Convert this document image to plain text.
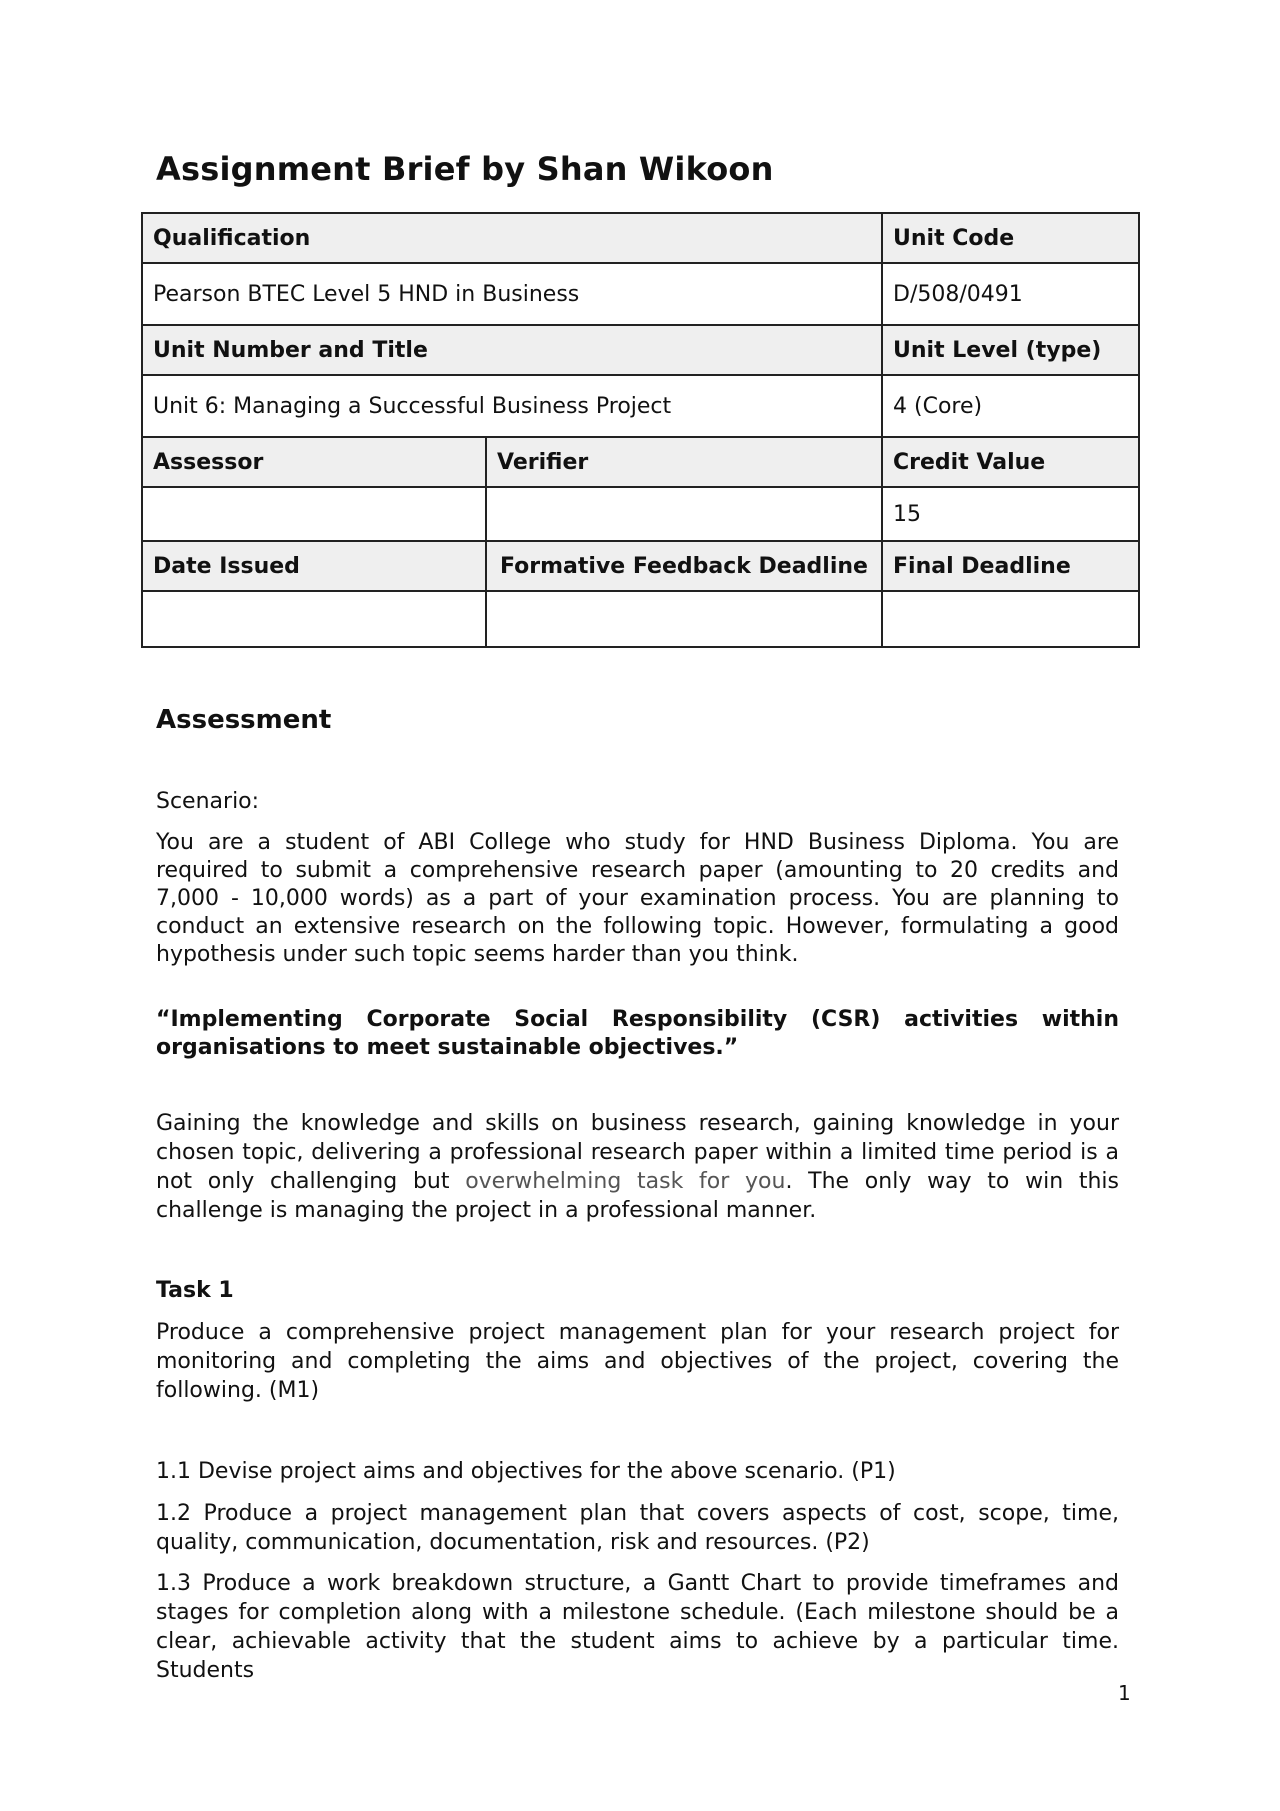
Assignment Brief by Shan Wikoon
Qualification		Unit Code
Pearson BTEC Level 5 HND in Business		D/508/0491
Unit Number and Title		Unit Level (type)
Unit 6: Managing a Successful Business Project		4 (Core)
Assessor	Verifier	Credit Value
		15
Date Issued	Formative Feedback Deadline	Final Deadline

Assessment
Scenario:
You are a student of ABI College who study for HND Business Diploma. You are required to submit a comprehensive research paper (amounting to 20 credits and 7,000 - 10,000 words) as a part of your examination process. You are planning to conduct an extensive research on the following topic. However, formulating a good hypothesis under such topic seems harder than you think.
“Implementing Corporate Social Responsibility (CSR) activities within organisations to meet sustainable objectives.”
Gaining the knowledge and skills on business research, gaining knowledge in your chosen topic, delivering a professional research paper within a limited time period is a not only challenging but overwhelming task for you. The only way to win this challenge is managing the project in a professional manner.
Task 1
Produce a comprehensive project management plan for your research project for monitoring and completing the aims and objectives of the project, covering the following. (M1)
1.1 Devise project aims and objectives for the above scenario. (P1)
1.2 Produce a project management plan that covers aspects of cost, scope, time, quality, communication, documentation, risk and resources. (P2)
1.3 Produce a work breakdown structure, a Gantt Chart to provide timeframes and stages for completion along with a milestone schedule. (Each milestone should be a clear, achievable activity that the student aims to achieve by a particular time. Students
1
